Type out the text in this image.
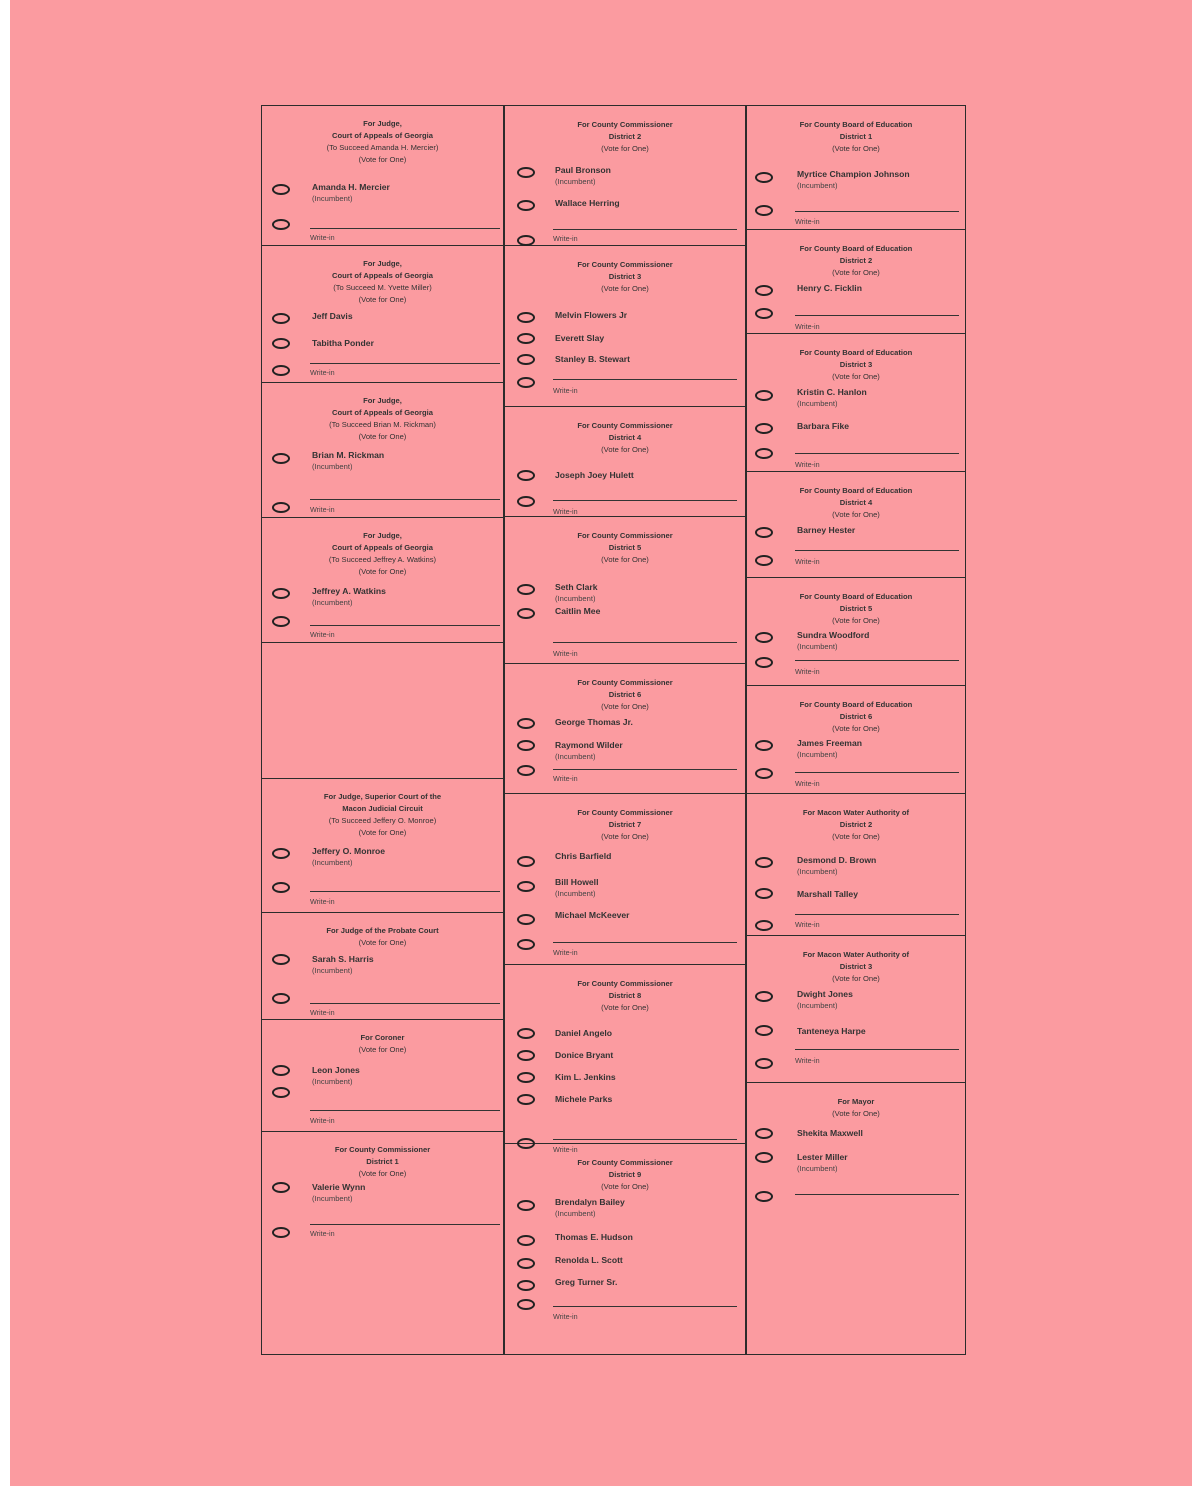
For Judge,
Court of Appeals of Georgia
(To Succeed Amanda H. Mercier)
(Vote for One)
Amanda H. Mercier
(Incumbent)
Write-in
For Judge,
Court of Appeals of Georgia
(To Succeed M. Yvette Miller)
(Vote for One)
Jeff Davis
Tabitha Ponder
Write-in
For Judge,
Court of Appeals of Georgia
(To Succeed Brian M. Rickman)
(Vote for One)
Brian M. Rickman
(Incumbent)
Write-in
For Judge,
Court of Appeals of Georgia
(To Succeed Jeffrey A. Watkins)
(Vote for One)
Jeffrey A. Watkins
(Incumbent)
Write-in
For Judge, Superior Court of the
Macon Judicial Circuit
(To Succeed Jeffery O. Monroe)
(Vote for One)
Jeffery O. Monroe
(Incumbent)
Write-in
For Judge of the Probate Court
(Vote for One)
Sarah S. Harris
(Incumbent)
Write-in
For Coroner
(Vote for One)
Leon Jones
(Incumbent)
Write-in
For County Commissioner
District 1
(Vote for One)
Valerie Wynn
(Incumbent)
Write-in
For County Commissioner
District 2
(Vote for One)
Paul Bronson
(Incumbent)
Wallace Herring
Write-in
For County Commissioner
District 3
(Vote for One)
Melvin Flowers Jr
Everett Slay
Stanley B. Stewart
Write-in
For County Commissioner
District 4
(Vote for One)
Joseph Joey Hulett
Write-in
For County Commissioner
District 5
(Vote for One)
Seth Clark
(Incumbent)
Caitlin Mee
Write-in
For County Commissioner
District 6
(Vote for One)
George Thomas Jr.
Raymond Wilder
(Incumbent)
Write-in
For County Commissioner
District 7
(Vote for One)
Chris Barfield
Bill Howell
(Incumbent)
Michael McKeever
Write-in
For County Commissioner
District 8
(Vote for One)
Daniel Angelo
Donice Bryant
Kim L. Jenkins
Michele Parks
Write-in
For County Commissioner
District 9
(Vote for One)
Brendalyn Bailey
(Incumbent)
Thomas E. Hudson
Renolda L. Scott
Greg Turner Sr.
Write-in
For County Board of Education
District 1
(Vote for One)
Myrtice Champion Johnson
(Incumbent)
Write-in
For County Board of Education
District 2
(Vote for One)
Henry C. Ficklin
Write-in
For County Board of Education
District 3
(Vote for One)
Kristin C. Hanlon
(Incumbent)
Barbara Fike
Write-in
For County Board of Education
District 4
(Vote for One)
Barney Hester
Write-in
For County Board of Education
District 5
(Vote for One)
Sundra Woodford
(Incumbent)
Write-in
For County Board of Education
District 6
(Vote for One)
James Freeman
(Incumbent)
Write-in
For Macon Water Authority of
District 2
(Vote for One)
Desmond D. Brown
(Incumbent)
Marshall Talley
Write-in
For Macon Water Authority of
District 3
(Vote for One)
Dwight Jones
(Incumbent)
Tanteneya Harpe
Write-in
For Mayor
(Vote for One)
Shekita Maxwell
Lester Miller
(Incumbent)
